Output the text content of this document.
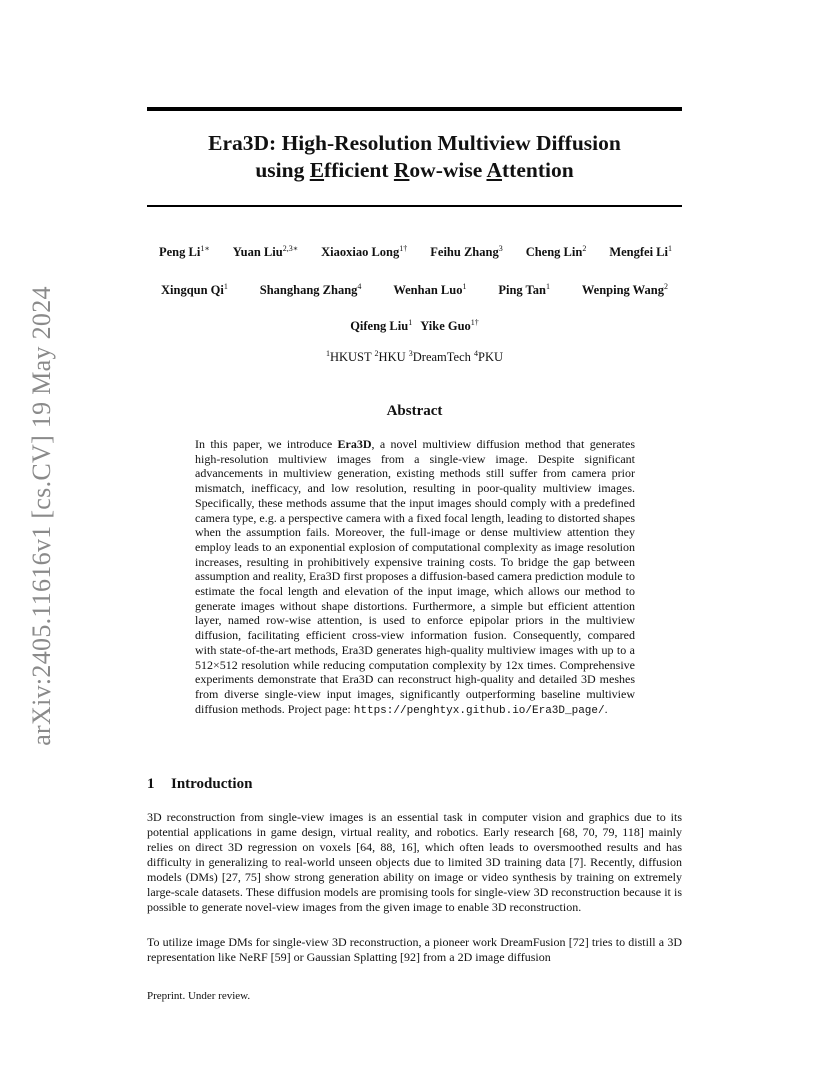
arXiv:2405.11616v1 [cs.CV] 19 May 2024
Era3D: High-Resolution Multiview Diffusion
using Efficient Row-wise Attention
Peng $Li^{1∗}$ Yuan Liu$^{2,3∗}$ Xiaoxiao Long$^{1\dagger}$ Feihu Zhang$^3$ Cheng Lin$^2$ Mengfei Li$^1$
Xingqun Qi$^1$	Shanghang Zhang$^4$	Wenhan Luo$^1$	Ping Tan$^1$	Wenping Wang$^2$
Qifeng Liu$^1$ Yike Guo$^{1\dagger}$
$^1$HKUST $^2$HKU $^3$DreamTech $^4$PKU
Abstract
In this paper, we introduce Era3D, a novel multiview diffusion method that generates high-resolution multiview images from a single-view image. Despite significant advancements in multiview generation, existing methods still suffer from camera prior mismatch, inefficacy, and low resolution, resulting in poor-quality multiview images. Specifically, these methods assume that the input images should comply with a predefined camera type, e.g. a perspective camera with a fixed focal length, leading to distorted shapes when the assumption fails. Moreover, the full-image or dense multiview attention they employ leads to an exponential explosion of computational complexity as image resolution increases, resulting in prohibitively expensive training costs. To bridge the gap between assumption and reality, Era3D first proposes a diffusion-based camera prediction module to estimate the focal length and elevation of the input image, which allows our method to generate images without shape distortions. Furthermore, a simple but efficient attention layer, named row-wise attention, is used to enforce epipolar priors in the multiview diffusion, facilitating efficient cross-view information fusion. Consequently, compared with state-of-the-art methods, Era3D generates high-quality multiview images with up to a 512×512 resolution while reducing computation complexity by 12x times. Comprehensive experiments demonstrate that Era3D can reconstruct high-quality and detailed 3D meshes from diverse single-view input images, significantly outperforming baseline multiview diffusion methods. Project page: https://penghtyx.github.io/Era3D_page/.
1 Introduction
3D reconstruction from single-view images is an essential task in computer vision and graphics due to its potential applications in game design, virtual reality, and robotics. Early research [68, 70, 79, 118] mainly relies on direct 3D regression on voxels [64, 88, 16], which often leads to oversmoothed results and has difficulty in generalizing to real-world unseen objects due to limited 3D training data [7]. Recently, diffusion models (DMs) [27, 75] show strong generation ability on image or video synthesis by training on extremely large-scale datasets. These diffusion models are promising tools for single-view 3D reconstruction because it is possible to generate novel-view images from the given image to enable 3D reconstruction.
To utilize image DMs for single-view 3D reconstruction, a pioneer work DreamFusion [72] tries to distill a 3D representation like NeRF [59] or Gaussian Splatting [92] from a 2D image diffusion
Preprint. Under review.
